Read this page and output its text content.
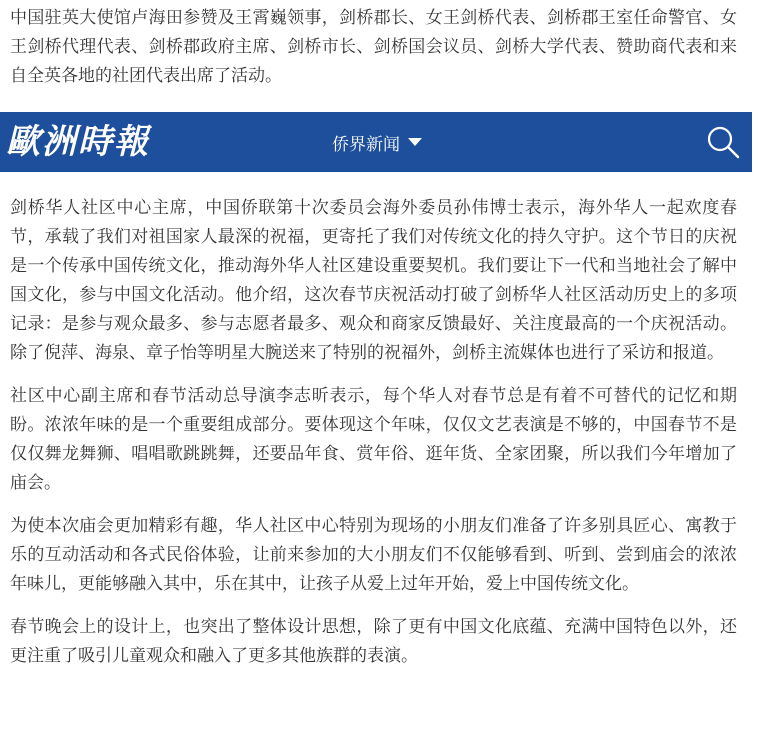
中国驻英大使馆卢海田参赞及王霄巍领事，剑桥郡长、女王剑桥代表、剑桥郡王室任命警官、女王剑桥代理代表、剑桥郡政府主席、剑桥市长、剑桥国会议员、剑桥大学代表、赞助商代表和来自全英各地的社团代表出席了活动。

歐洲時報	侨界新闻

剑桥华人社区中心主席，中国侨联第十次委员会海外委员孙伟博士表示，海外华人一起欢度春节，承载了我们对祖国家人最深的祝福，更寄托了我们对传统文化的持久守护。这个节日的庆祝是一个传承中国传统文化，推动海外华人社区建设重要契机。我们要让下一代和当地社会了解中国文化，参与中国文化活动。他介绍，这次春节庆祝活动打破了剑桥华人社区活动历史上的多项记录：是参与观众最多、参与志愿者最多、观众和商家反馈最好、关注度最高的一个庆祝活动。除了倪萍、海泉、章子怡等明星大腕送来了特别的祝福外，剑桥主流媒体也进行了采访和报道。

社区中心副主席和春节活动总导演李志昕表示，每个华人对春节总是有着不可替代的记忆和期盼。浓浓年味的是一个重要组成部分。要体现这个年味，仅仅文艺表演是不够的，中国春节不是仅仅舞龙舞狮、唱唱歌跳跳舞，还要品年食、赏年俗、逛年货、全家团聚，所以我们今年增加了庙会。

为使本次庙会更加精彩有趣，华人社区中心特别为现场的小朋友们准备了许多别具匠心、寓教于乐的互动活动和各式民俗体验，让前来参加的大小朋友们不仅能够看到、听到、尝到庙会的浓浓年味儿，更能够融入其中，乐在其中，让孩子从爱上过年开始，爱上中国传统文化。

春节晚会上的设计上，也突出了整体设计思想，除了更有中国文化底蕴、充满中国特色以外，还更注重了吸引儿童观众和融入了更多其他族群的表演。
